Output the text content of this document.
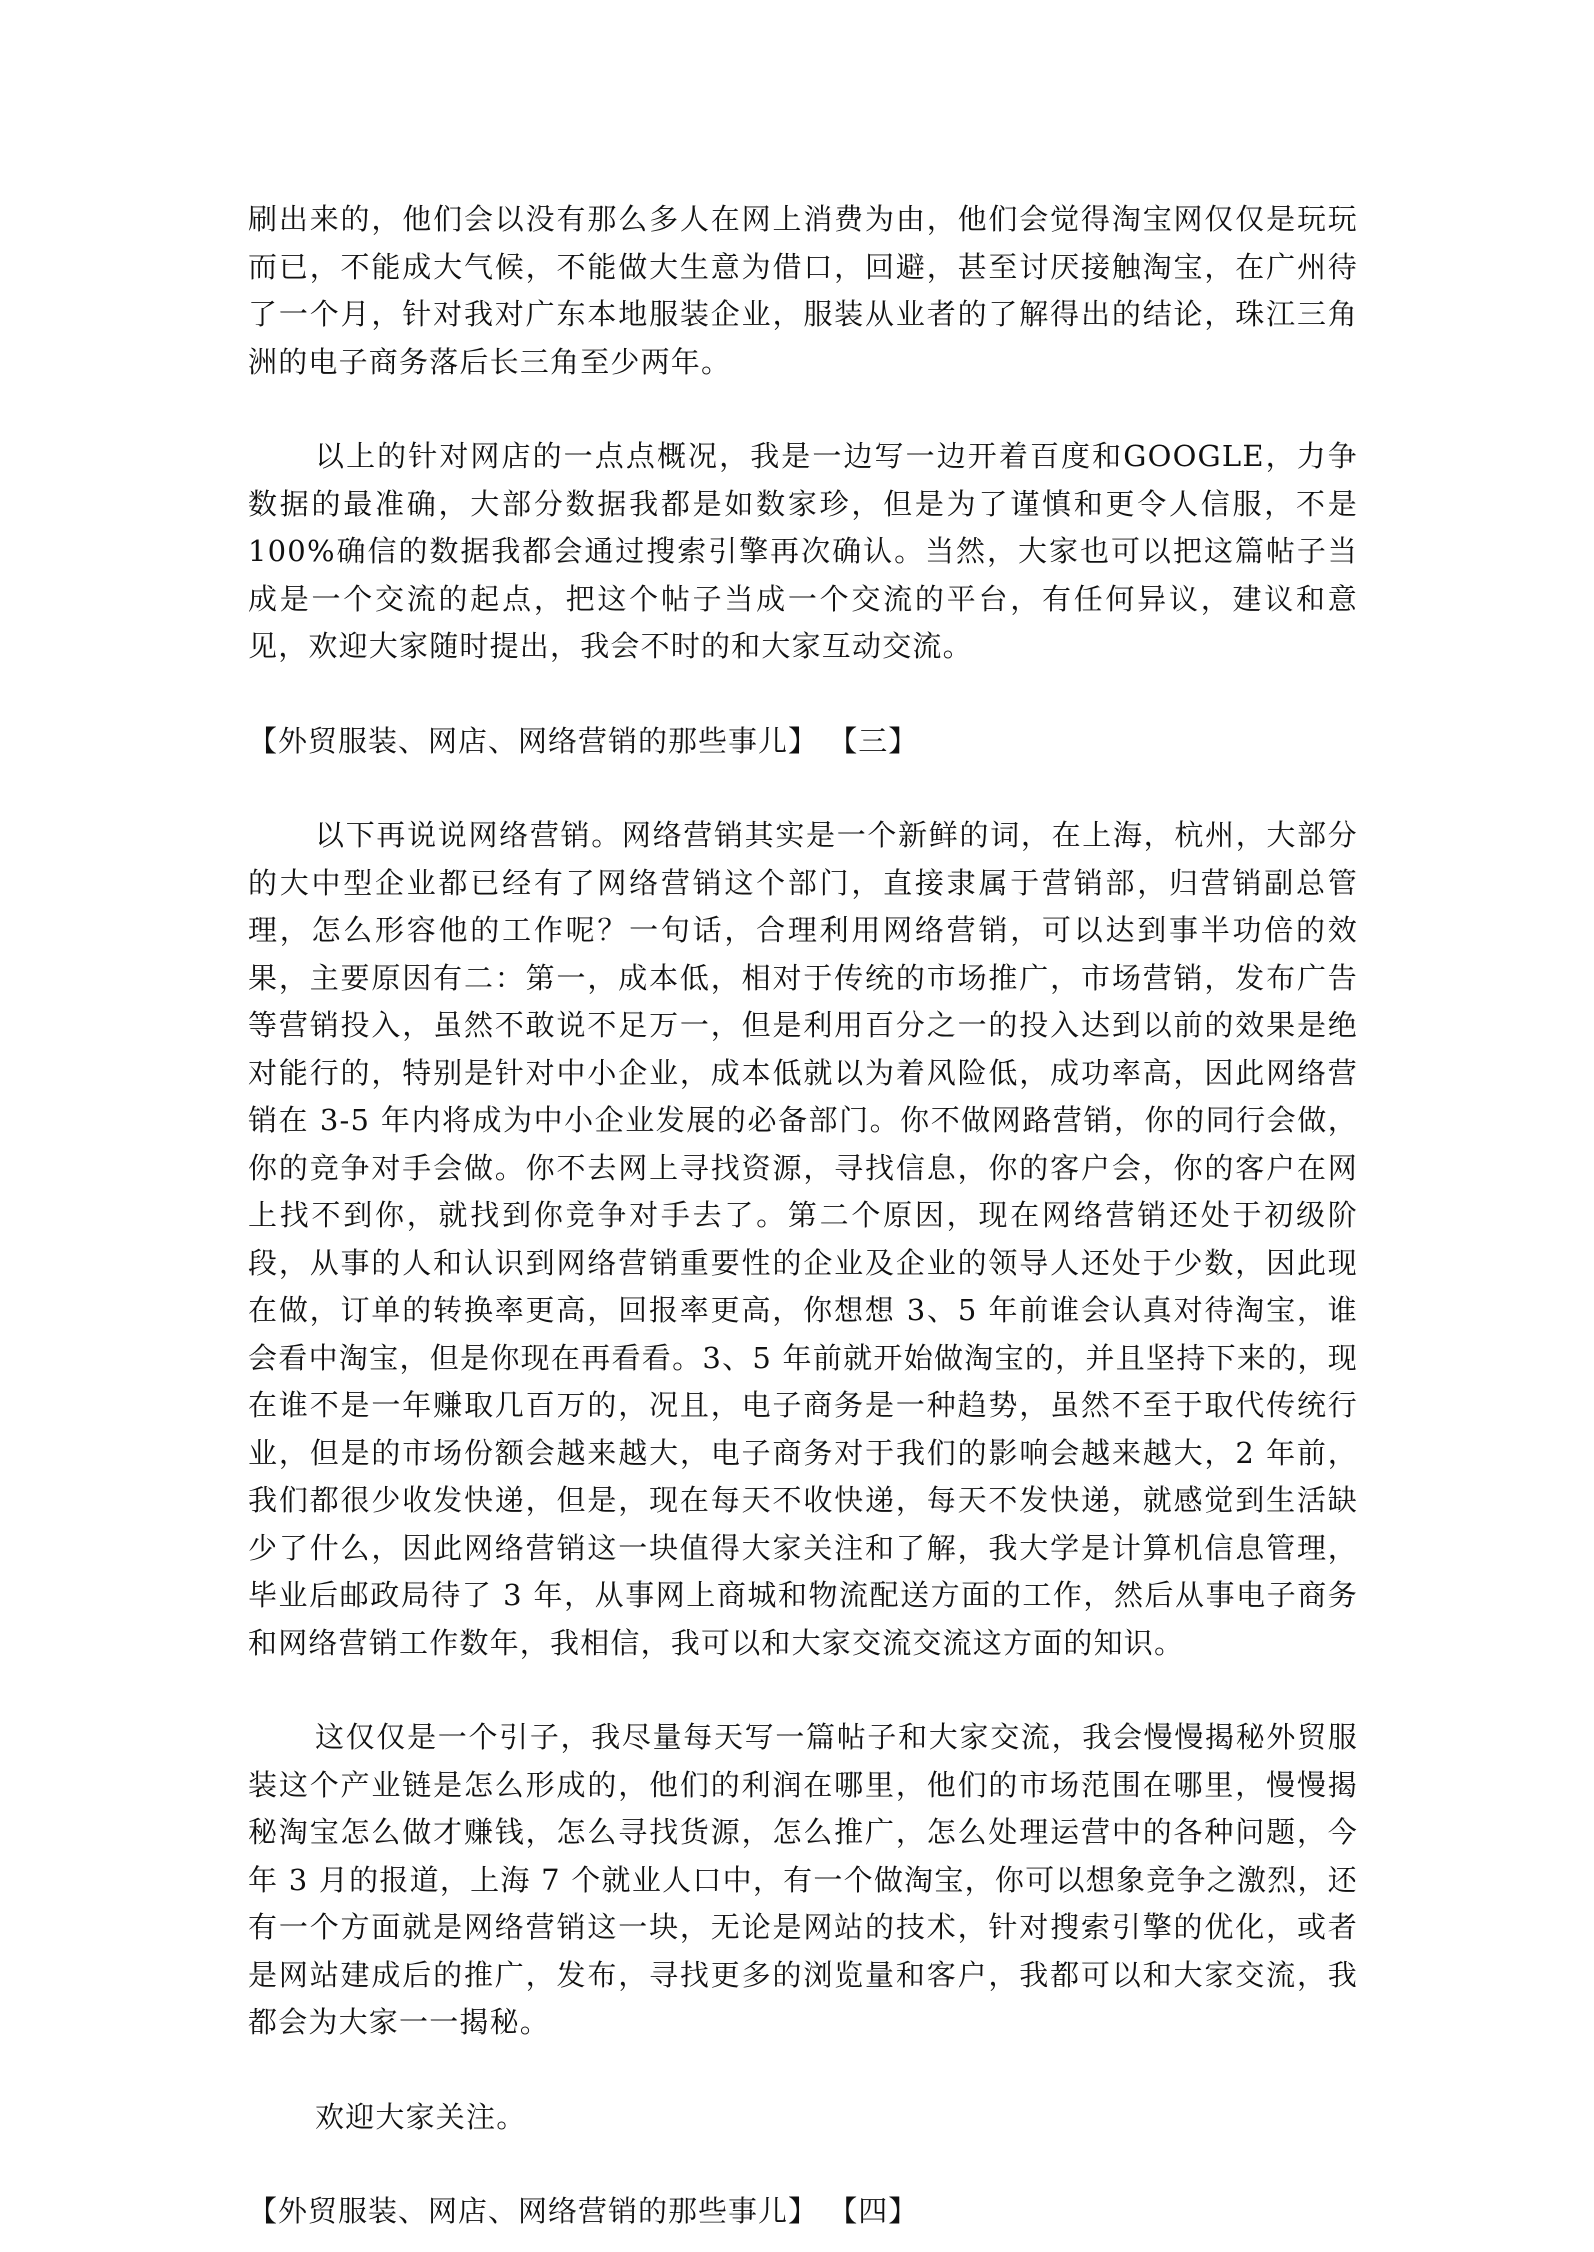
刷出来的，他们会以没有那么多人在网上消费为由，他们会觉得淘宝网仅仅是玩玩而已，不能成大气候，不能做大生意为借口，回避，甚至讨厌接触淘宝，在广州待了一个月，针对我对广东本地服装企业，服装从业者的了解得出的结论，珠江三角洲的电子商务落后长三角至少两年。

以上的针对网店的一点点概况，我是一边写一边开着百度和GOOGLE，力争数据的最准确，大部分数据我都是如数家珍，但是为了谨慎和更令人信服，不是100%确信的数据我都会通过搜索引擎再次确认。当然，大家也可以把这篇帖子当成是一个交流的起点，把这个帖子当成一个交流的平台，有任何异议，建议和意见，欢迎大家随时提出，我会不时的和大家互动交流。

【外贸服装、网店、网络营销的那些事儿】 【三】

以下再说说网络营销。网络营销其实是一个新鲜的词，在上海，杭州，大部分的大中型企业都已经有了网络营销这个部门，直接隶属于营销部，归营销副总管理，怎么形容他的工作呢？一句话，合理利用网络营销，可以达到事半功倍的效果，主要原因有二：第一，成本低，相对于传统的市场推广，市场营销，发布广告等营销投入，虽然不敢说不足万一，但是利用百分之一的投入达到以前的效果是绝对能行的，特别是针对中小企业，成本低就以为着风险低，成功率高，因此网络营销在 3-5 年内将成为中小企业发展的必备部门。你不做网路营销，你的同行会做，你的竞争对手会做。你不去网上寻找资源，寻找信息，你的客户会，你的客户在网上找不到你，就找到你竞争对手去了。第二个原因，现在网络营销还处于初级阶段，从事的人和认识到网络营销重要性的企业及企业的领导人还处于少数，因此现在做，订单的转换率更高，回报率更高，你想想 3、5 年前谁会认真对待淘宝，谁会看中淘宝，但是你现在再看看。3、5 年前就开始做淘宝的，并且坚持下来的，现在谁不是一年赚取几百万的，况且，电子商务是一种趋势，虽然不至于取代传统行业，但是的市场份额会越来越大，电子商务对于我们的影响会越来越大，2 年前，我们都很少收发快递，但是，现在每天不收快递，每天不发快递，就感觉到生活缺少了什么，因此网络营销这一块值得大家关注和了解，我大学是计算机信息管理，毕业后邮政局待了 3 年，从事网上商城和物流配送方面的工作，然后从事电子商务和网络营销工作数年，我相信，我可以和大家交流交流这方面的知识。

这仅仅是一个引子，我尽量每天写一篇帖子和大家交流，我会慢慢揭秘外贸服装这个产业链是怎么形成的，他们的利润在哪里，他们的市场范围在哪里，慢慢揭秘淘宝怎么做才赚钱，怎么寻找货源，怎么推广，怎么处理运营中的各种问题，今年 3 月的报道，上海 7 个就业人口中，有一个做淘宝，你可以想象竞争之激烈，还有一个方面就是网络营销这一块，无论是网站的技术，针对搜索引擎的优化，或者是网站建成后的推广，发布，寻找更多的浏览量和客户，我都可以和大家交流，我都会为大家一一揭秘。

欢迎大家关注。

【外贸服装、网店、网络营销的那些事儿】 【四】
